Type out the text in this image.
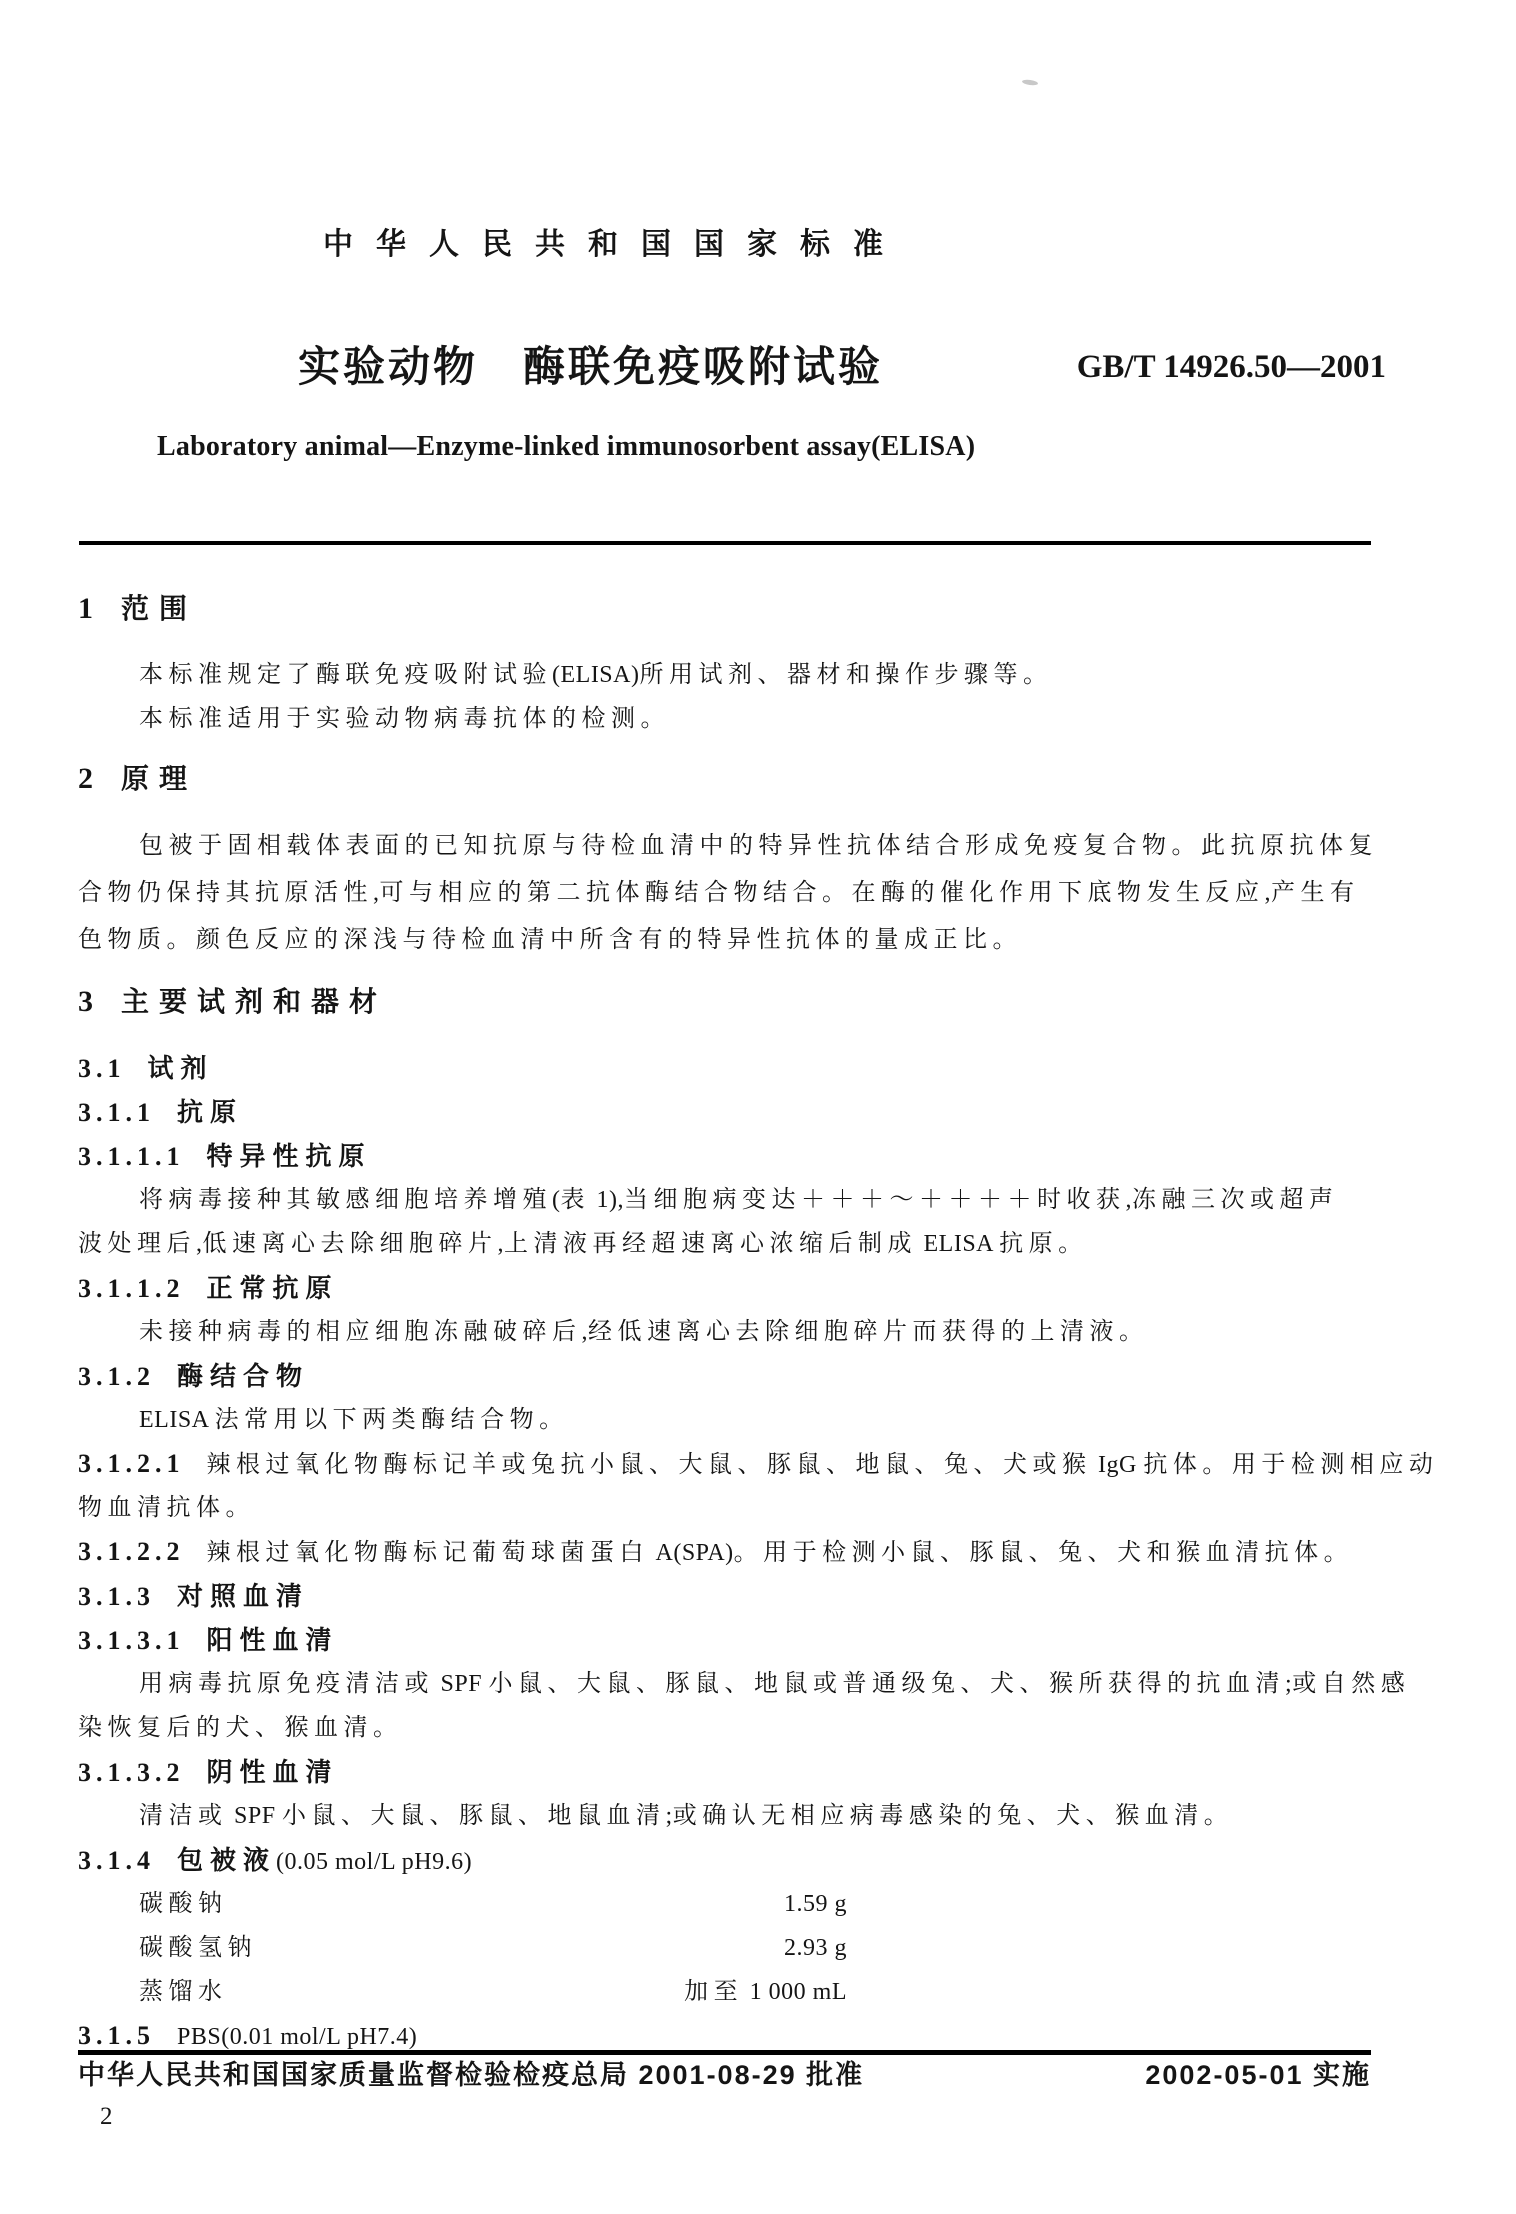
中华人民共和国国家标准
实验动物　酶联免疫吸附试验	GB/T 14926.50—2001
Laboratory animal—Enzyme-linked immunosorbent assay(ELISA)
1 范围
本标准规定了酶联免疫吸附试验(ELISA)所用试剂、器材和操作步骤等。
本标准适用于实验动物病毒抗体的检测。
2 原理
包被于固相载体表面的已知抗原与待检血清中的特异性抗体结合形成免疫复合物。此抗原抗体复
合物仍保持其抗原活性,可与相应的第二抗体酶结合物结合。在酶的催化作用下底物发生反应,产生有
色物质。颜色反应的深浅与待检血清中所含有的特异性抗体的量成正比。
3 主要试剂和器材
3.1 试剂
3.1.1 抗原
3.1.1.1 特异性抗原
将病毒接种其敏感细胞培养增殖(表 1),当细胞病变达＋＋＋～＋＋＋＋时收获,冻融三次或超声
波处理后,低速离心去除细胞碎片,上清液再经超速离心浓缩后制成 ELISA 抗原。
3.1.1.2 正常抗原
未接种病毒的相应细胞冻融破碎后,经低速离心去除细胞碎片而获得的上清液。
3.1.2 酶结合物
ELISA 法常用以下两类酶结合物。
3.1.2.1 辣根过氧化物酶标记羊或兔抗小鼠、大鼠、豚鼠、地鼠、兔、犬或猴 IgG 抗体。用于检测相应动
物血清抗体。
3.1.2.2 辣根过氧化物酶标记葡萄球菌蛋白 A(SPA)。用于检测小鼠、豚鼠、兔、犬和猴血清抗体。
3.1.3 对照血清
3.1.3.1 阳性血清
用病毒抗原免疫清洁或 SPF 小鼠、大鼠、豚鼠、地鼠或普通级兔、犬、猴所获得的抗血清;或自然感
染恢复后的犬、猴血清。
3.1.3.2 阴性血清
清洁或 SPF 小鼠、大鼠、豚鼠、地鼠血清;或确认无相应病毒感染的兔、犬、猴血清。
3.1.4 包被液(0.05 mol/L pH9.6)
1.59 g
碳酸钠
2.93 g
碳酸氢钠
加至 1 000 mL
蒸馏水
3.1.5 PBS(0.01 mol/L pH7.4)
中华人民共和国国家质量监督检验检疫总局 2001-08-29 批准	2002-05-01 实施
2
